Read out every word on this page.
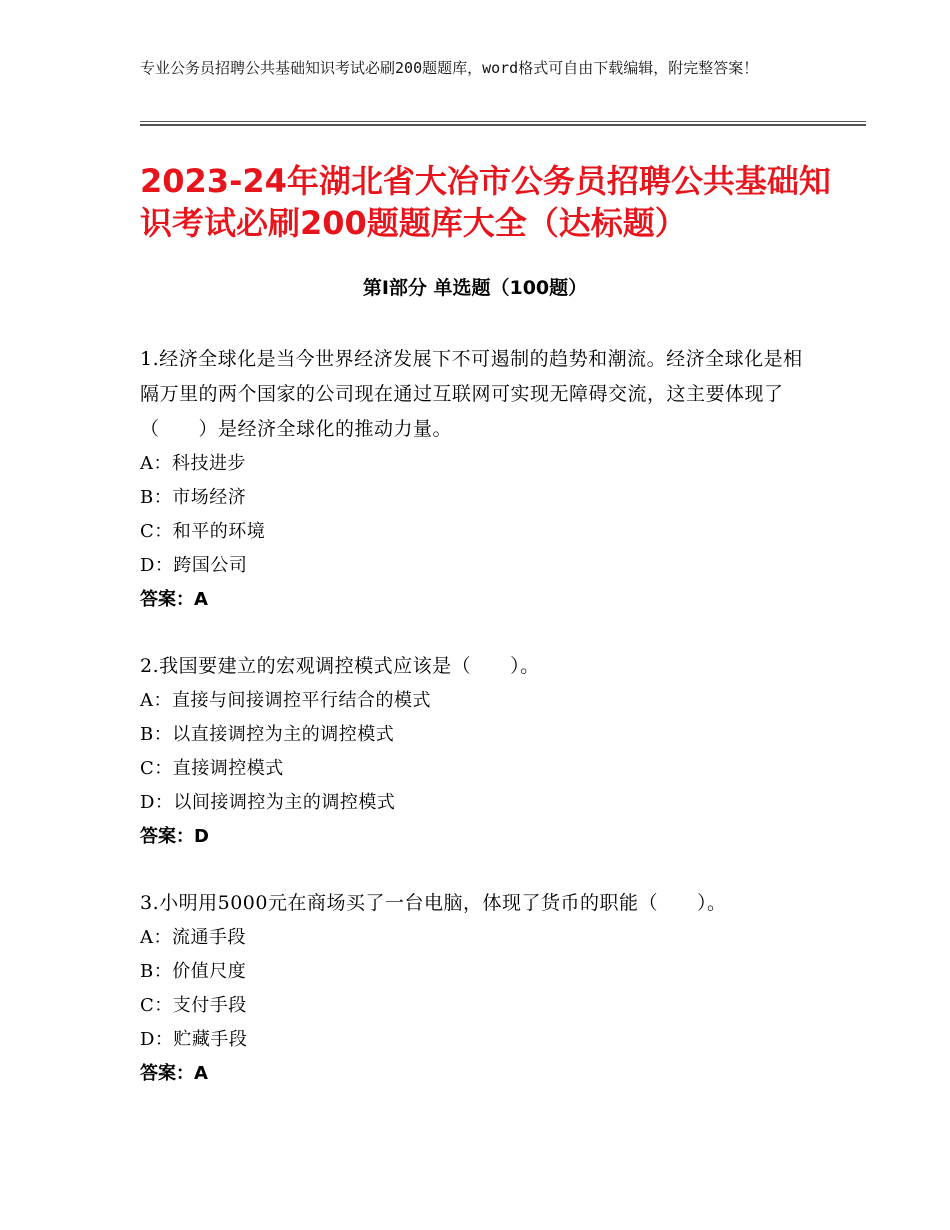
专业公务员招聘公共基础知识考试必刷200题题库，word格式可自由下载编辑，附完整答案！
2023-24年湖北省大冶市公务员招聘公共基础知识考试必刷200题题库大全（达标题）
第I部分 单选题（100题）
1.经济全球化是当今世界经济发展下不可遏制的趋势和潮流。经济全球化是相隔万里的两个国家的公司现在通过互联网可实现无障碍交流，这主要体现了（　　）是经济全球化的推动力量。
A：科技进步
B：市场经济
C：和平的环境
D：跨国公司
答案：A
2.我国要建立的宏观调控模式应该是（　　）。
A：直接与间接调控平行结合的模式
B：以直接调控为主的调控模式
C：直接调控模式
D：以间接调控为主的调控模式
答案：D
3.小明用5000元在商场买了一台电脑，体现了货币的职能（　　）。
A：流通手段
B：价值尺度
C：支付手段
D：贮藏手段
答案：A
